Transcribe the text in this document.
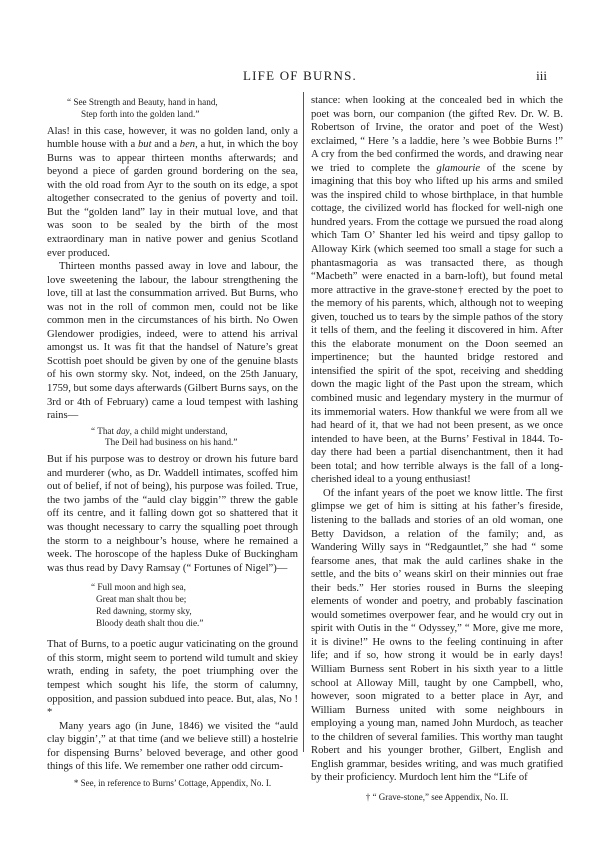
LIFE OF BURNS.	iii
“ See Strength and Beauty, hand in hand,
Step forth into the golden land.”

Alas! in this case, however, it was no golden land, only a humble house with a but and a ben, a hut, in which the boy Burns was to appear thirteen months afterwards; and beyond a piece of garden ground bordering on the sea, with the old road from Ayr to the south on its edge, a spot altogether consecrated to the genius of poverty and toil. But the “golden land” lay in their mutual love, and that was soon to be sealed by the birth of the most extraordinary man in native power and genius Scotland ever produced.

Thirteen months passed away in love and labour, the love sweetening the labour, the labour strengthening the love, till at last the consummation arrived. But Burns, who was not in the roll of common men, could not be like common men in the circumstances of his birth. No Owen Glendower prodigies, indeed, were to attend his arrival amongst us. It was fit that the handsel of Nature’s great Scottish poet should be given by one of the genuine blasts of his own stormy sky. Not, indeed, on the 25th January, 1759, but some days afterwards (Gilbert Burns says, on the 3rd or 4th of February) came a loud tempest with lashing rains—

“ That day, a child might understand,
The Deil had business on his hand.”

But if his purpose was to destroy or drown his future bard and murderer (who, as Dr. Waddell intimates, scoffed him out of belief, if not of being), his purpose was foiled. True, the two jambs of the “auld clay biggin’” threw the gable off its centre, and it falling down got so shattered that it was thought necessary to carry the squalling poet through the storm to a neighbour’s house, where he remained a week. The horoscope of the hapless Duke of Buckingham was thus read by Davy Ramsay (“ Fortunes of Nigel”)—

“ Full moon and high sea,
Great man shalt thou be;
Red dawning, stormy sky,
Bloody death shalt thou die.”

That of Burns, to a poetic augur vaticinating on the ground of this storm, might seem to portend wild tumult and skiey wrath, ending in safety, the poet triumphing over the tempest which sought his life, the storm of calumny, opposition, and passion subdued into peace. But, alas, No ! *

Many years ago (in June, 1846) we visited the “auld clay biggin’,” at that time (and we believe still) a hostelrie for dispensing Burns’ beloved beverage, and other good things of this life. We remember one rather odd circum-

* See, in reference to Burns’ Cottage, Appendix, No. I.

stance: when looking at the concealed bed in which the poet was born, our companion (the gifted Rev. Dr. W. B. Robertson of Irvine, the orator and poet of the West) exclaimed, “ Here ’s a laddie, here ’s wee Bobbie Burns !” A cry from the bed confirmed the words, and drawing near we tried to complete the glamourie of the scene by imagining that this boy who lifted up his arms and smiled was the inspired child to whose birthplace, in that humble cottage, the civilized world has flocked for well-nigh one hundred years. From the cottage we pursued the road along which Tam O’ Shanter led his weird and tipsy gallop to Alloway Kirk (which seemed too small a stage for such a phantasmagoria as was transacted there, as though “Macbeth” were enacted in a barn-loft), but found metal more attractive in the grave-stone† erected by the poet to the memory of his parents, which, although not to weeping given, touched us to tears by the simple pathos of the story it tells of them, and the feeling it discovered in him. After this the elaborate monument on the Doon seemed an impertinence; but the haunted bridge restored and intensified the spirit of the spot, receiving and shedding down the magic light of the Past upon the stream, which combined music and legendary mystery in the murmur of its immemorial waters. How thankful we were from all we had heard of it, that we had not been present, as we once intended to have been, at the Burns’ Festival in 1844. To-day there had been a partial disenchantment, then it had been total; and how terrible always is the fall of a long-cherished ideal to a young enthusiast!

Of the infant years of the poet we know little. The first glimpse we get of him is sitting at his father’s fireside, listening to the ballads and stories of an old woman, one Betty Davidson, a relation of the family; and, as Wandering Willy says in “Redgauntlet,” she had “ some fearsome anes, that mak the auld carlines shake in the settle, and the bits o’ weans skirl on their minnies out frae their beds.” Her stories roused in Burns the sleeping elements of wonder and poetry, and probably fascination would sometimes overpower fear, and he would cry out in spirit with Outis in the “ Odyssey,” “ More, give me more, it is divine!” He owns to the feeling continuing in after life; and if so, how strong it would be in early days! William Burness sent Robert in his sixth year to a little school at Alloway Mill, taught by one Campbell, who, however, soon migrated to a better place in Ayr, and William Burness united with some neighbours in employing a young man, named John Murdoch, as teacher to the children of several families. This worthy man taught Robert and his younger brother, Gilbert, English and English grammar, besides writing, and was much gratified by their proficiency. Murdoch lent him the “Life of

† “ Grave-stone,” see Appendix, No. II.
